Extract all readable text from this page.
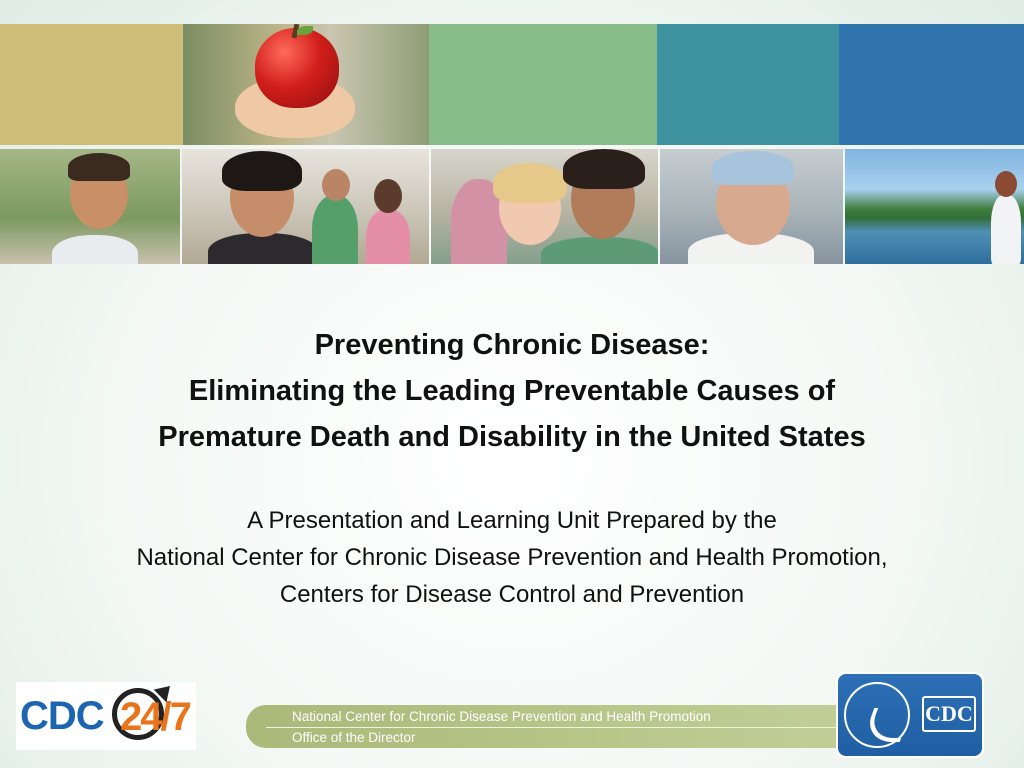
Preventing Chronic Disease:
Eliminating the Leading Preventable Causes of
Premature Death and Disability in the United States
A Presentation and Learning Unit Prepared by the
National Center for Chronic Disease Prevention and Health Promotion,
Centers for Disease Control and Prevention
CDC 24/7	National Center for Chronic Disease Prevention and Health Promotion
Office of the Director
CDC
